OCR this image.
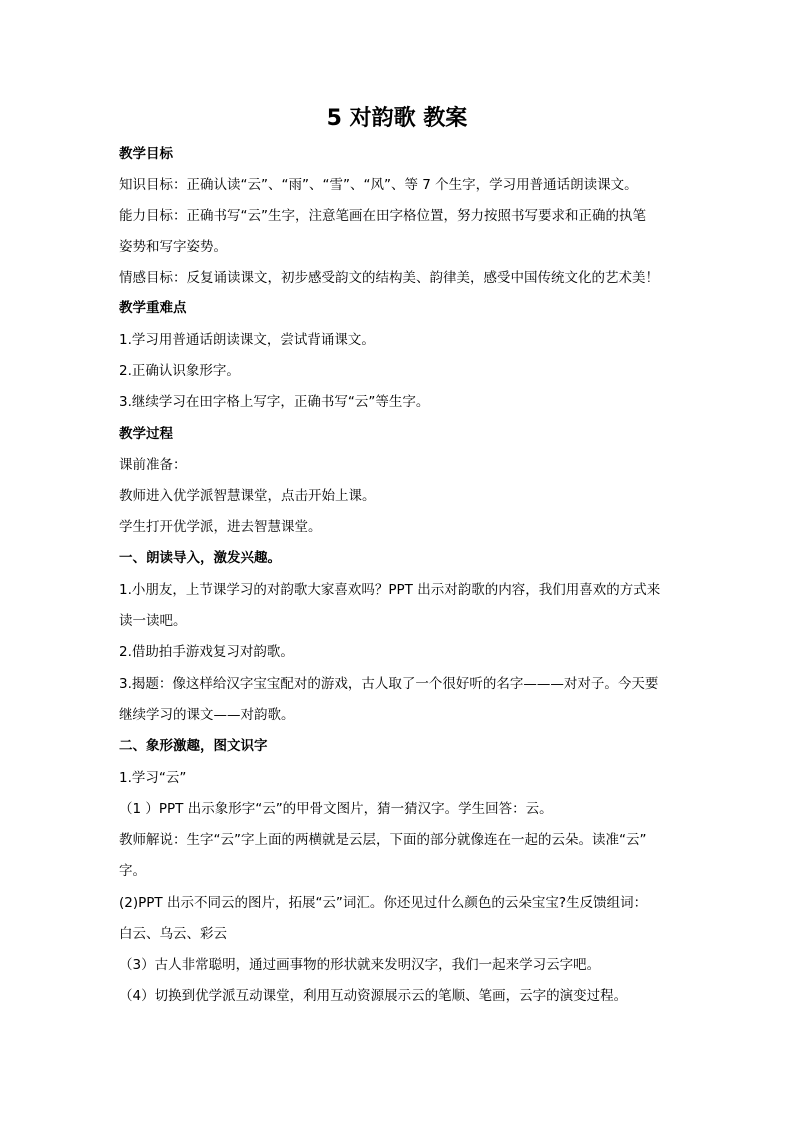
5 对韵歌 教案
教学目标
知识目标：正确认读“云”、“雨”、“雪”、“风”、等 7 个生字，学习用普通话朗读课文。
能力目标：正确书写“云”生字，注意笔画在田字格位置，努力按照书写要求和正确的执笔
姿势和写字姿势。
情感目标：反复诵读课文，初步感受韵文的结构美、韵律美，感受中国传统文化的艺术美！
教学重难点
1.学习用普通话朗读课文，尝试背诵课文。
2.正确认识象形字。
3.继续学习在田字格上写字，正确书写“云”等生字。
教学过程
课前准备：
教师进入优学派智慧课堂，点击开始上课。
学生打开优学派，进去智慧课堂。
一、朗读导入，激发兴趣。
1.小朋友，上节课学习的对韵歌大家喜欢吗？PPT 出示对韵歌的内容，我们用喜欢的方式来
读一读吧。
2.借助拍手游戏复习对韵歌。
3.揭题：像这样给汉字宝宝配对的游戏，古人取了一个很好听的名字———对对子。今天要
继续学习的课文——对韵歌。
二、象形激趣，图文识字
1.学习“云”
（1 ）PPT 出示象形字“云”的甲骨文图片，猜一猜汉字。学生回答：云。
教师解说：生字“云”字上面的两横就是云层，下面的部分就像连在一起的云朵。读准“云”
字。
(2)PPT 出示不同云的图片，拓展“云”词汇。你还见过什么颜色的云朵宝宝?生反馈组词：
白云、乌云、彩云
（3）古人非常聪明，通过画事物的形状就来发明汉字，我们一起来学习云字吧。
（4）切换到优学派互动课堂，利用互动资源展示云的笔顺、笔画，云字的演变过程。
